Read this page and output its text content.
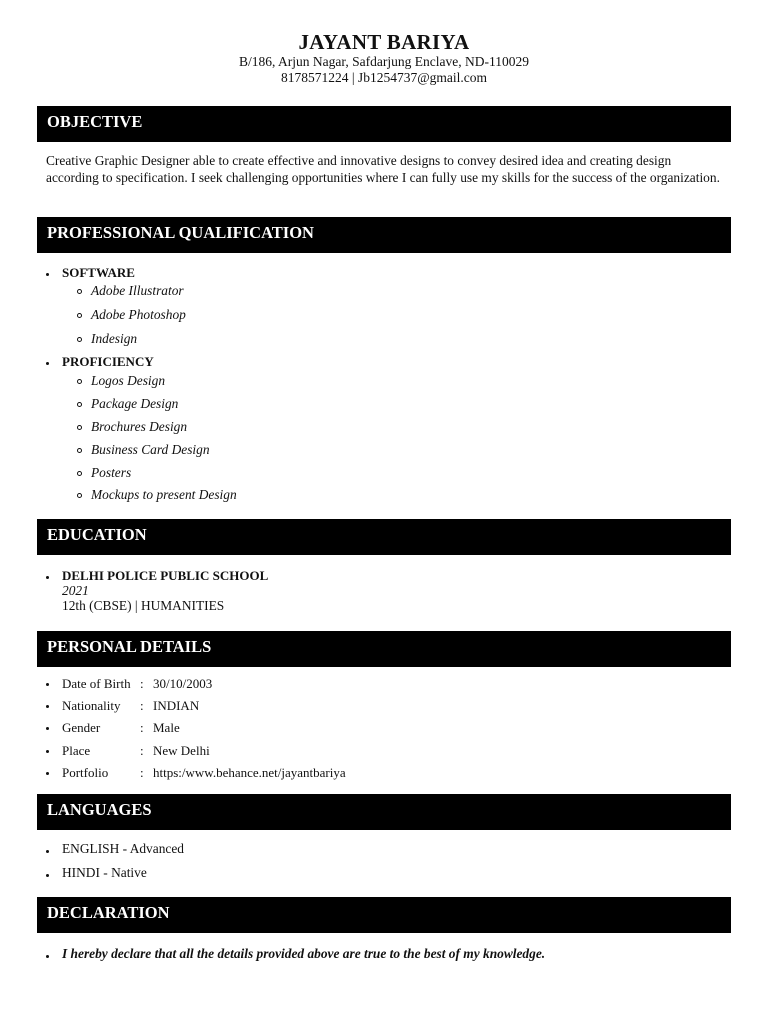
JAYANT BARIYA
B/186, Arjun Nagar, Safdarjung Enclave, ND-110029
8178571224 | Jb1254737@gmail.com
OBJECTIVE
Creative Graphic Designer able to create effective and innovative designs to convey desired idea and creating design according to specification. I seek challenging opportunities where I can fully use my skills for the success of the organization.
PROFESSIONAL QUALIFICATION
SOFTWARE
Adobe Illustrator
Adobe Photoshop
Indesign
PROFICIENCY
Logos Design
Package Design
Brochures Design
Business Card Design
Posters
Mockups to present Design
EDUCATION
DELHI POLICE PUBLIC SCHOOL
2021
12th (CBSE) | HUMANITIES
PERSONAL DETAILS
Date of Birth : 30/10/2003
Nationality : INDIAN
Gender	: Male
Place	: New Delhi
Portfolio : https:/www.behance.net/jayantbariya
LANGUAGES
ENGLISH - Advanced
HINDI - Native
DECLARATION
I hereby declare that all the details provided above are true to the best of my knowledge.
